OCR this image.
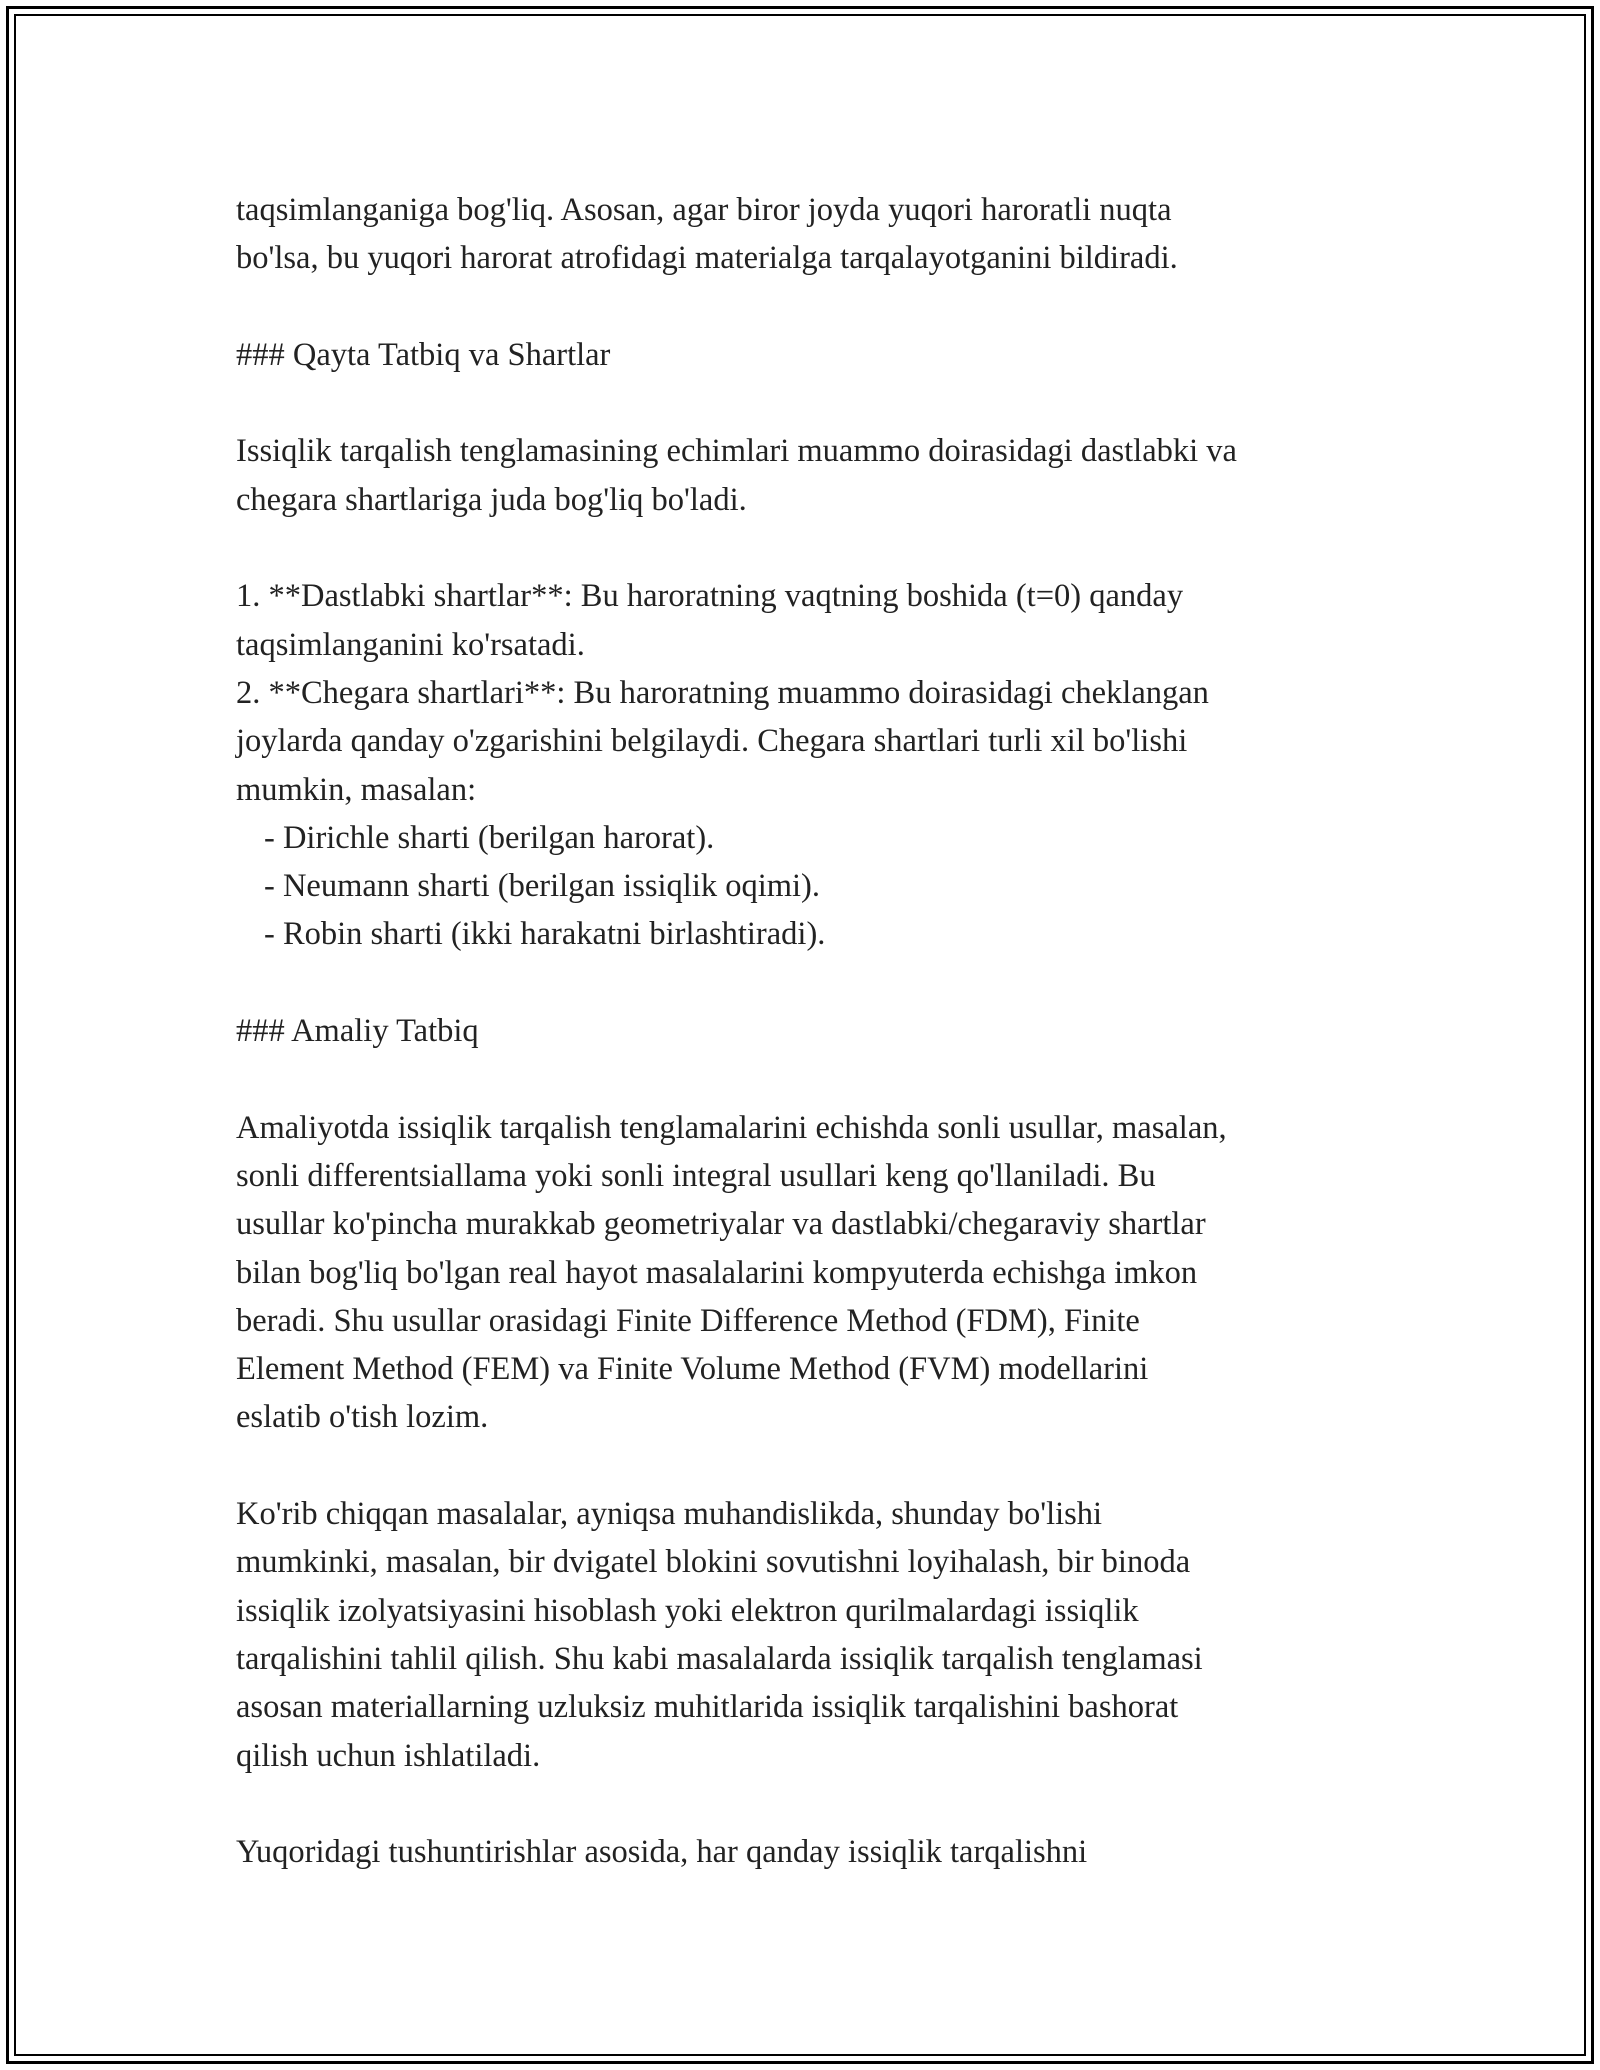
taqsimlanganiga bog'liq. Asosan, agar biror joyda yuqori haroratli nuqta
bo'lsa, bu yuqori harorat atrofidagi materialga tarqalayotganini bildiradi.
### Qayta Tatbiq va Shartlar
Issiqlik tarqalish tenglamasining echimlari muammo doirasidagi dastlabki va
chegara shartlariga juda bog'liq bo'ladi.
1. **Dastlabki shartlar**: Bu haroratning vaqtning boshida (t=0) qanday
taqsimlanganini ko'rsatadi.
2. **Chegara shartlari**: Bu haroratning muammo doirasidagi cheklangan
joylarda qanday o'zgarishini belgilaydi. Chegara shartlari turli xil bo'lishi
mumkin, masalan:
- Dirichle sharti (berilgan harorat).
- Neumann sharti (berilgan issiqlik oqimi).
- Robin sharti (ikki harakatni birlashtiradi).
### Amaliy Tatbiq
Amaliyotda issiqlik tarqalish tenglamalarini echishda sonli usullar, masalan,
sonli differentsiallama yoki sonli integral usullari keng qo'llaniladi. Bu
usullar ko'pincha murakkab geometriyalar va dastlabki/chegaraviy shartlar
bilan bog'liq bo'lgan real hayot masalalarini kompyuterda echishga imkon
beradi. Shu usullar orasidagi Finite Difference Method (FDM), Finite
Element Method (FEM) va Finite Volume Method (FVM) modellarini
eslatib o'tish lozim.
Ko'rib chiqqan masalalar, ayniqsa muhandislikda, shunday bo'lishi
mumkinki, masalan, bir dvigatel blokini sovutishni loyihalash, bir binoda
issiqlik izolyatsiyasini hisoblash yoki elektron qurilmalardagi issiqlik
tarqalishini tahlil qilish. Shu kabi masalalarda issiqlik tarqalish tenglamasi
asosan materiallarning uzluksiz muhitlarida issiqlik tarqalishini bashorat
qilish uchun ishlatiladi.
Yuqoridagi tushuntirishlar asosida, har qanday issiqlik tarqalishni
